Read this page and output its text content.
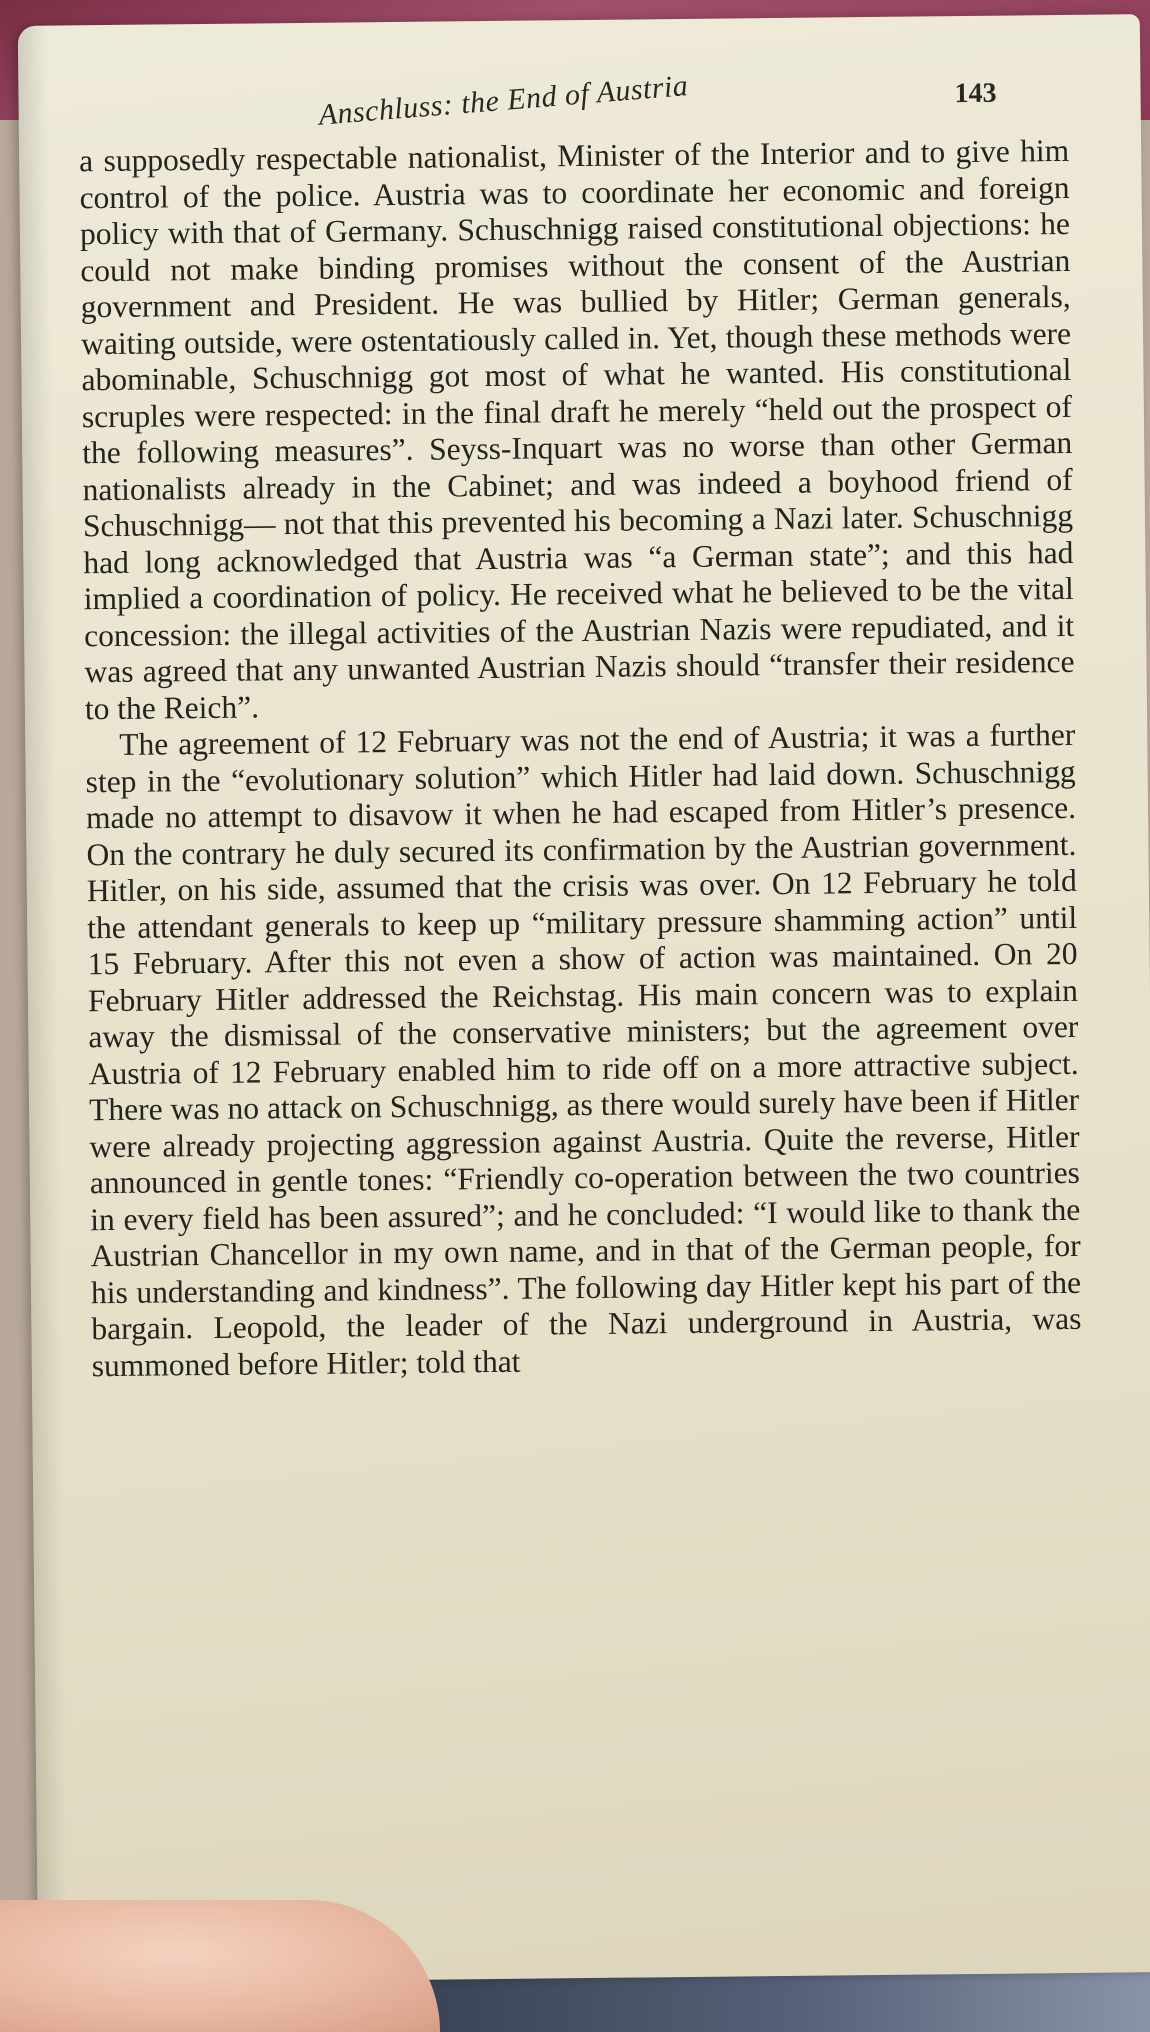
Anschluss: the End of Austria	143

a supposedly respectable nationalist, Minister of the Interior and to give him control of the police. Austria was to coordinate her economic and foreign policy with that of Germany. Schuschnigg raised constitutional objections: he could not make binding promises without the consent of the Austrian government and President. He was bullied by Hitler; German generals, waiting outside, were ostentatiously called in. Yet, though these methods were abominable, Schuschnigg got most of what he wanted. His constitutional scruples were respected: in the final draft he merely “held out the prospect of the following measures”. Seyss-Inquart was no worse than other German nationalists already in the Cabinet; and was indeed a boyhood friend of Schuschnigg— not that this prevented his becoming a Nazi later. Schuschnigg had long acknowledged that Austria was “a German state”; and this had implied a coordination of policy. He received what he believed to be the vital concession: the illegal activities of the Austrian Nazis were repudiated, and it was agreed that any unwanted Austrian Nazis should “transfer their residence to the Reich”.

The agreement of 12 February was not the end of Austria; it was a further step in the “evolutionary solution” which Hitler had laid down. Schuschnigg made no attempt to disavow it when he had escaped from Hitler’s presence. On the contrary he duly secured its confirmation by the Austrian government. Hitler, on his side, assumed that the crisis was over. On 12 February he told the attendant generals to keep up “military pressure shamming action” until 15 February. After this not even a show of action was maintained. On 20 February Hitler addressed the Reichstag. His main concern was to explain away the dismissal of the conservative ministers; but the agreement over Austria of 12 February enabled him to ride off on a more attractive subject. There was no attack on Schuschnigg, as there would surely have been if Hitler were already projecting aggression against Austria. Quite the reverse, Hitler announced in gentle tones: “Friendly co-operation between the two countries in every field has been assured”; and he concluded: “I would like to thank the Austrian Chancellor in my own name, and in that of the German people, for his understanding and kindness”. The following day Hitler kept his part of the bargain. Leopold, the leader of the Nazi underground in Austria, was summoned before Hitler; told that
